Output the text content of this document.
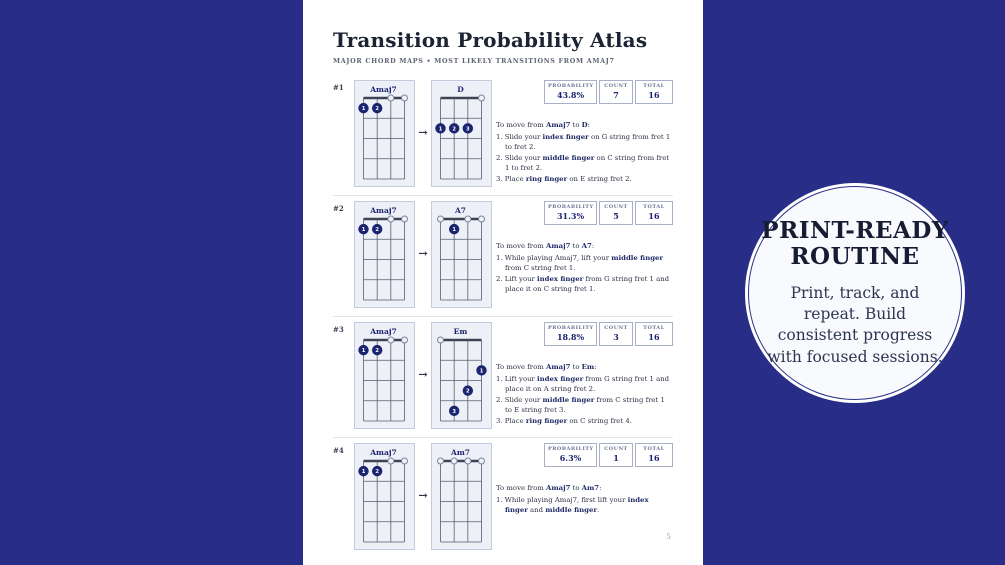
Transition Probability Atlas
MAJOR CHORD MAPS • MOST LIKELY TRANSITIONS FROM AMAJ7
#1	Amaj7
1 2
→
D
1 2 3
PROBABILITY
43.8%
COUNT
7
TOTAL
16
To move from Amaj7 to D:
1. Slide your index finger on G string from fret 1 to fret 2.
2. Slide your middle finger on C string from fret 1 to fret 2.
3. Place ring finger on E string fret 2.
#2	Amaj7
1 2
→
A7
1
PROBABILITY
31.3%
COUNT
5
TOTAL
16
To move from Amaj7 to A7:
1. While playing Amaj7, lift your middle finger from C string fret 1.
2. Lift your index finger from G string fret 1 and place it on C string fret 1.
#3	Amaj7
1 2
→
Em
3
2
1
PROBABILITY
18.8%
COUNT
3
TOTAL
16
To move from Amaj7 to Em:
1. Lift your index finger from G string fret 1 and place it on A string fret 2.
2. Slide your middle finger from C string fret 1 to E string fret 3.
3. Place ring finger on C string fret 4.
#4	Amaj7
1 2
→
Am7	PROBABILITY
6.3%
COUNT
1
TOTAL
16
To move from Amaj7 to Am7:
1. While playing Amaj7, first lift your index finger and middle finger.
5
PRINT-READY ROUTINE
Print, track, and repeat. Build consistent progress with focused sessions.
